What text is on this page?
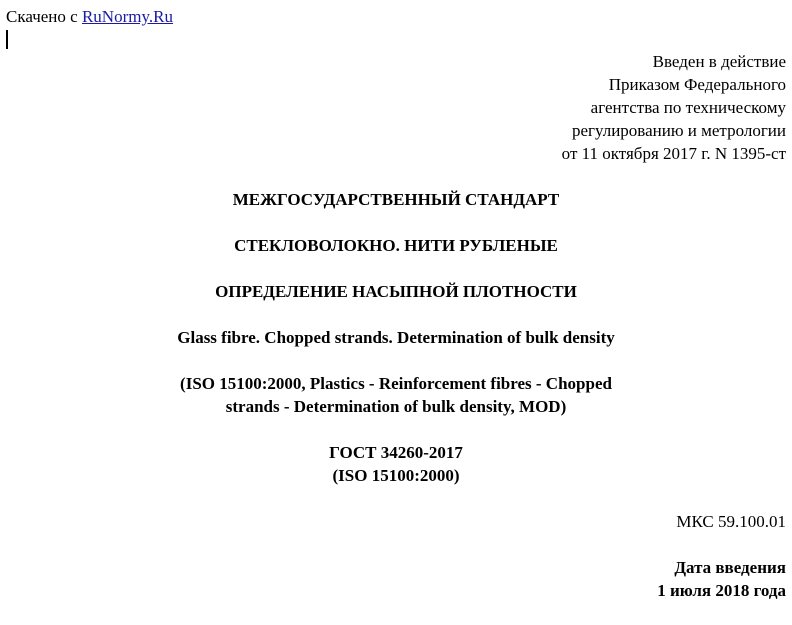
Скачено с RuNormy.Ru
Введен в действие
Приказом Федерального
агентства по техническому
регулированию и метрологии
от 11 октября 2017 г. N 1395-ст
МЕЖГОСУДАРСТВЕННЫЙ СТАНДАРТ
СТЕКЛОВОЛОКНО. НИТИ РУБЛЕНЫЕ
ОПРЕДЕЛЕНИЕ НАСЫПНОЙ ПЛОТНОСТИ
Glass fibre. Chopped strands. Determination of bulk density
(ISO 15100:2000, Plastics - Reinforcement fibres - Chopped
strands - Determination of bulk density, MOD)
ГОСТ 34260-2017
(ISO 15100:2000)
МКС 59.100.01
Дата введения
1 июля 2018 года
